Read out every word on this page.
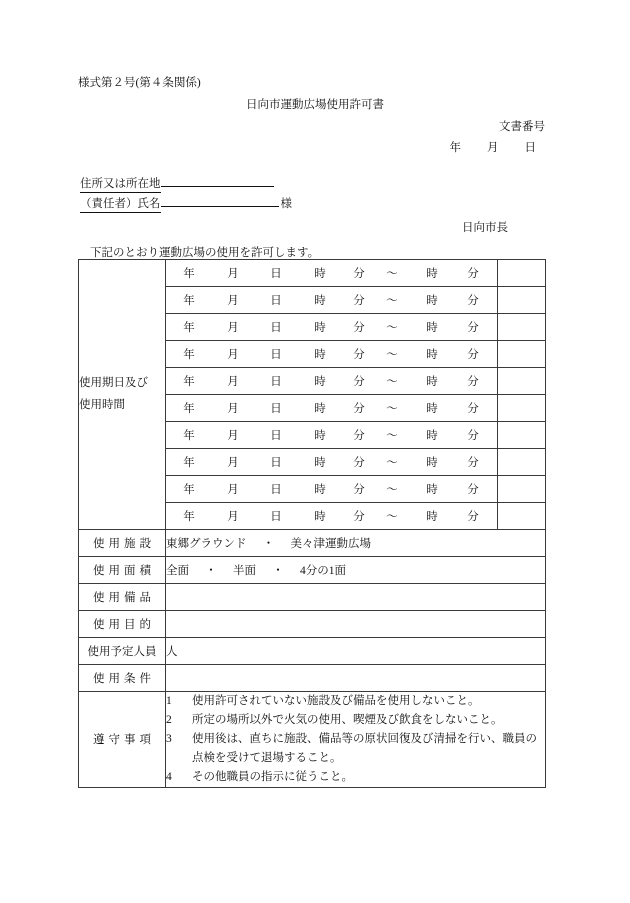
様式第２号(第４条関係)
日向市運動広場使用許可書
文書番号
年 月 日
住所又は所在地
（責任者）氏名	様
日向市長
下記のとおり運動広場の使用を許可します。
使用期日及び
使用時間	年 月 日 時 分 ～ 時 分	
	年 月 日 時 分 ～ 時 分	
	年 月 日 時 分 ～ 時 分	
	年 月 日 時 分 ～ 時 分	
	年 月 日 時 分 ～ 時 分	
	年 月 日 時 分 ～ 時 分	
	年 月 日 時 分 ～ 時 分	
	年 月 日 時 分 ～ 時 分	
	年 月 日 時 分 ～ 時 分	
	年 月 日 時 分 ～ 時 分	
使用施設	東郷グラウンド ・ 美々津運動広場	
使用面積	全面 ・ 半面 ・ 4分の1面	
使用備品		
使用目的		
使用予定人員	人	
使用条件		
遵守事項	
1	使用許可されていない施設及び備品を使用しないこと。
2	所定の場所以外で火気の使用、喫煙及び飲食をしないこと。
3	使用後は、直ちに施設、備品等の原状回復及び清掃を行い、職員の点検を受けて退場すること。
4	その他職員の指示に従うこと。
